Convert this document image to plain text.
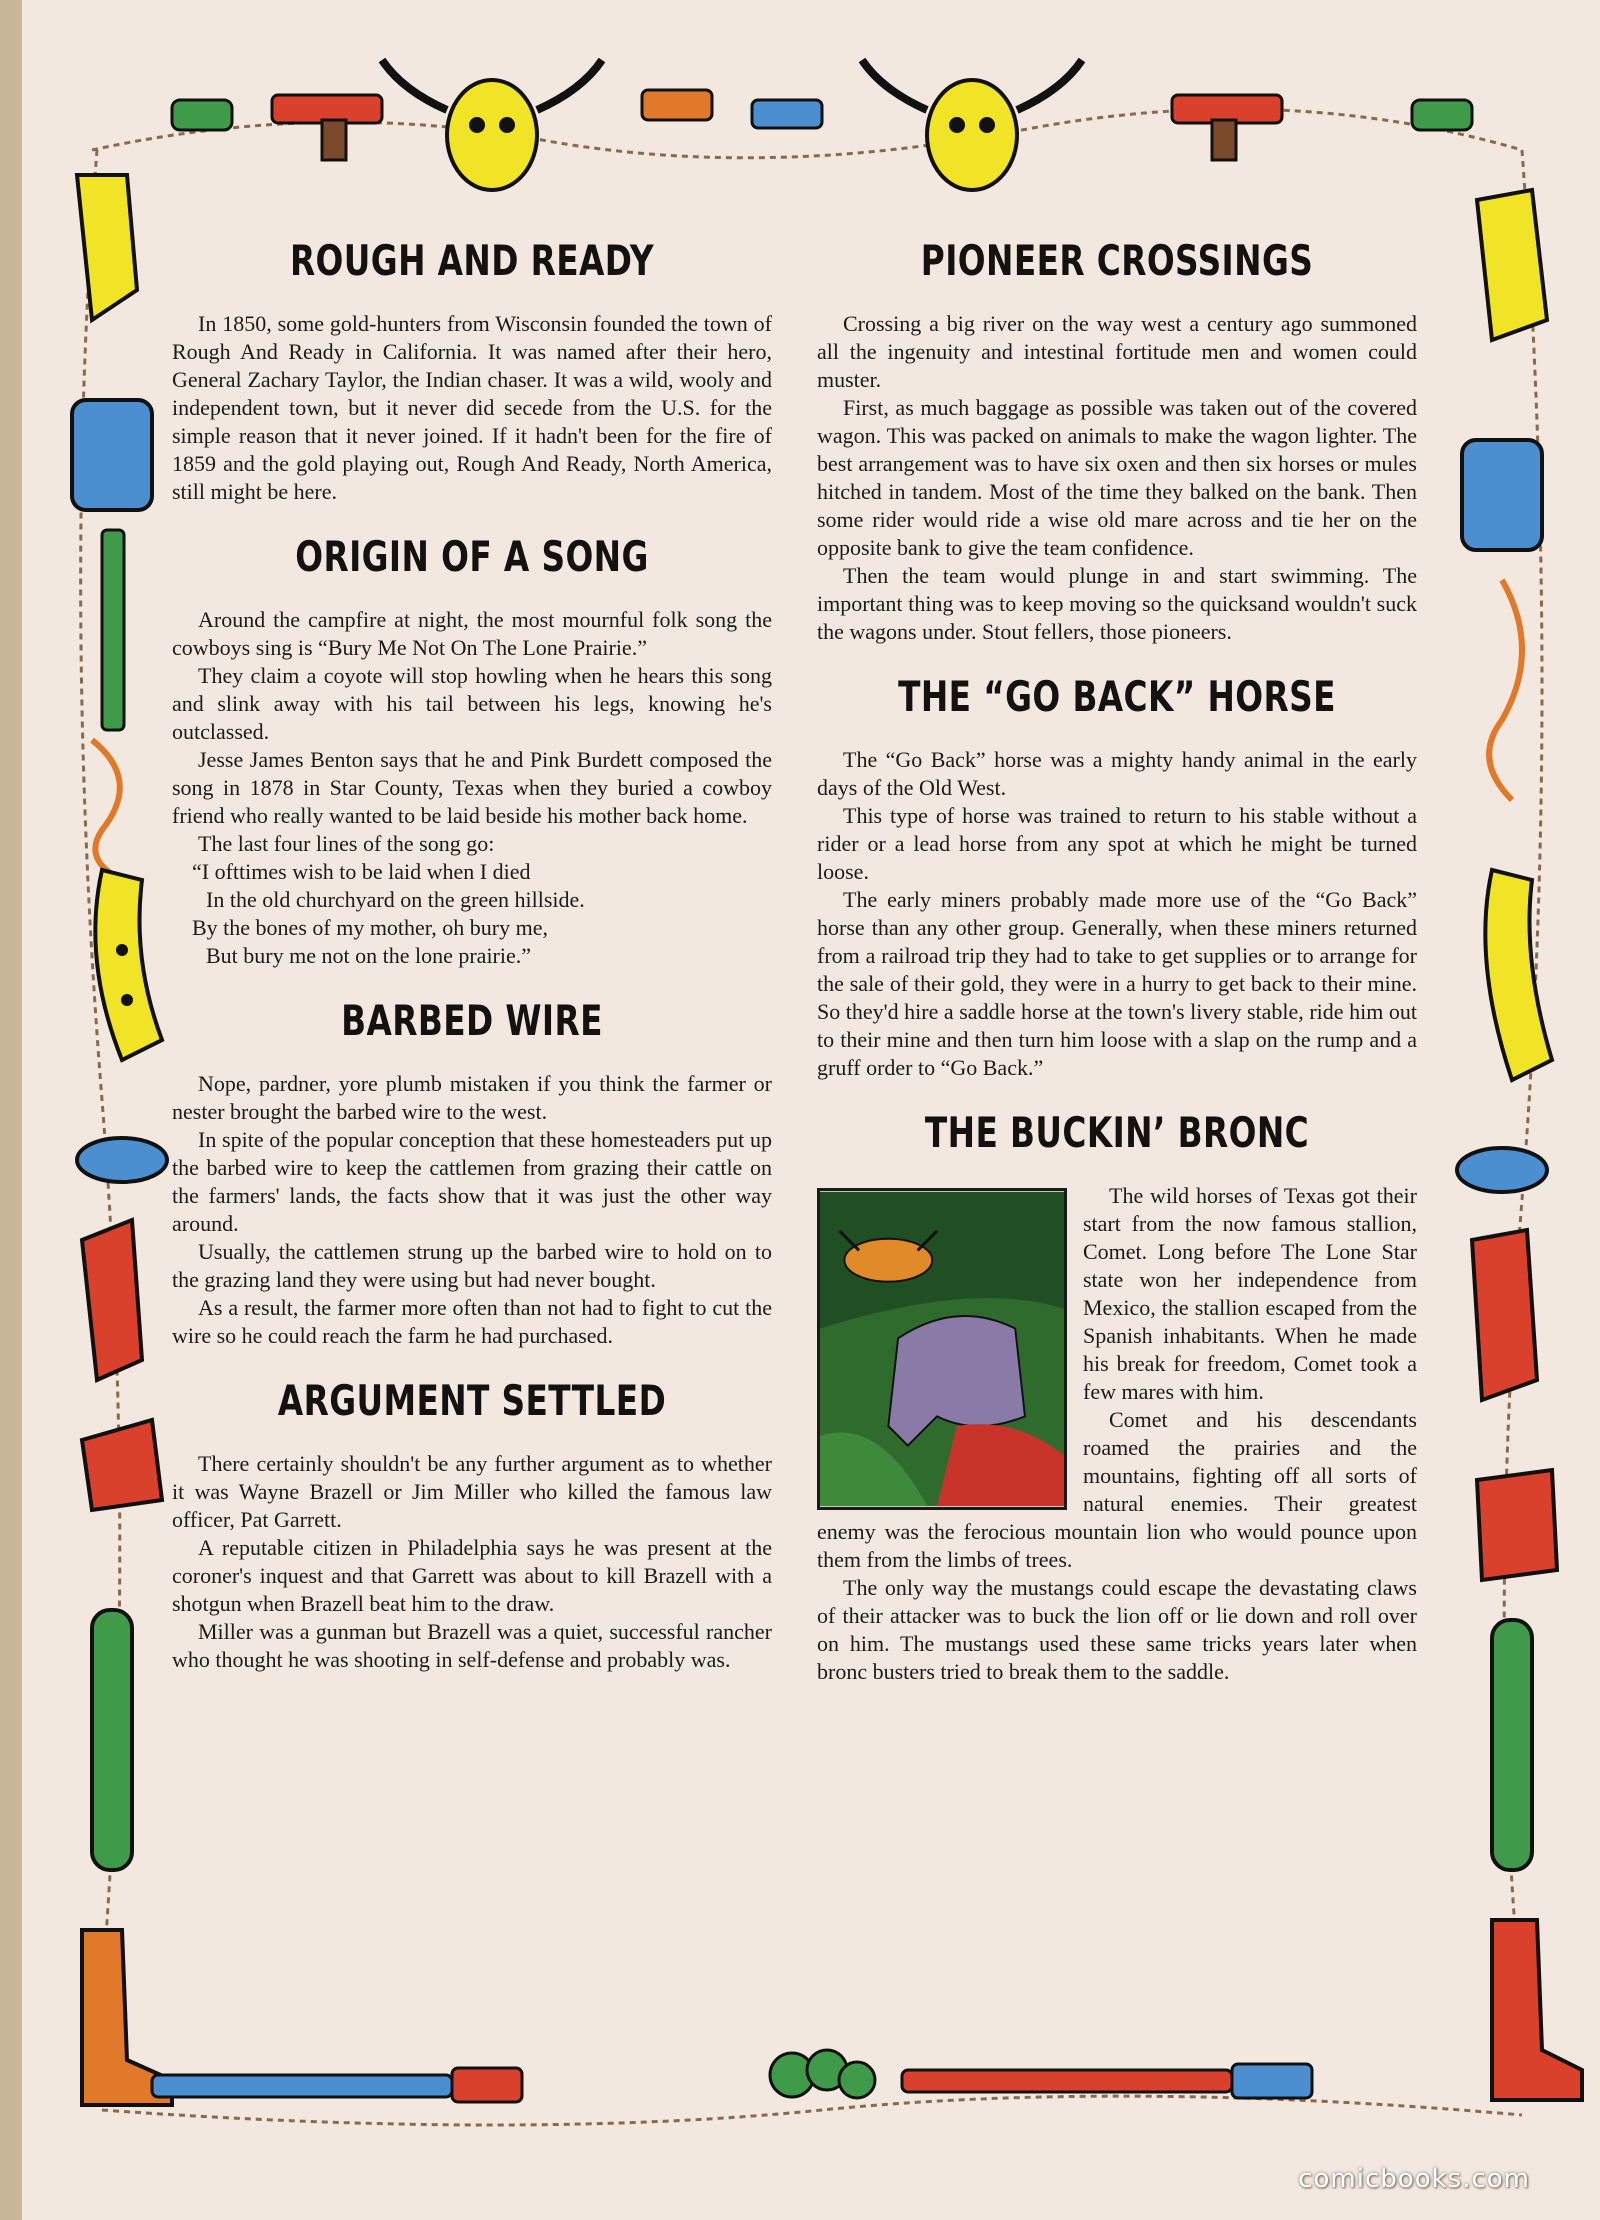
ROUGH AND READY

In 1850, some gold-hunters from Wisconsin founded the town of Rough And Ready in California. It was named after their hero, General Zachary Taylor, the Indian chaser. It was a wild, wooly and independent town, but it never did secede from the U.S. for the simple reason that it never joined. If it hadn't been for the fire of 1859 and the gold playing out, Rough And Ready, North America, still might be here.

ORIGIN OF A SONG

Around the campfire at night, the most mournful folk song the cowboys sing is “Bury Me Not On The Lone Prairie.”

They claim a coyote will stop howling when he hears this song and slink away with his tail between his legs, knowing he's outclassed.

Jesse James Benton says that he and Pink Burdett composed the song in 1878 in Star County, Texas when they buried a cowboy friend who really wanted to be laid beside his mother back home.

The last four lines of the song go:

“I ofttimes wish to be laid when I died
In the old churchyard on the green hillside.
By the bones of my mother, oh bury me,
But bury me not on the lone prairie.”
BARBED WIRE

Nope, pardner, yore plumb mistaken if you think the farmer or nester brought the barbed wire to the west.

In spite of the popular conception that these homesteaders put up the barbed wire to keep the cattlemen from grazing their cattle on the farmers' lands, the facts show that it was just the other way around.

Usually, the cattlemen strung up the barbed wire to hold on to the grazing land they were using but had never bought.

As a result, the farmer more often than not had to fight to cut the wire so he could reach the farm he had purchased.

ARGUMENT SETTLED

There certainly shouldn't be any further argument as to whether it was Wayne Brazell or Jim Miller who killed the famous law officer, Pat Garrett.

A reputable citizen in Philadelphia says he was present at the coroner's inquest and that Garrett was about to kill Brazell with a shotgun when Brazell beat him to the draw.

Miller was a gunman but Brazell was a quiet, successful rancher who thought he was shooting in self-defense and probably was.

PIONEER CROSSINGS

Crossing a big river on the way west a century ago summoned all the ingenuity and intestinal fortitude men and women could muster.

First, as much baggage as possible was taken out of the covered wagon. This was packed on animals to make the wagon lighter. The best arrangement was to have six oxen and then six horses or mules hitched in tandem. Most of the time they balked on the bank. Then some rider would ride a wise old mare across and tie her on the opposite bank to give the team confidence.

Then the team would plunge in and start swimming. The important thing was to keep moving so the quicksand wouldn't suck the wagons under. Stout fellers, those pioneers.

THE “GO BACK” HORSE

The “Go Back” horse was a mighty handy animal in the early days of the Old West.

This type of horse was trained to return to his stable without a rider or a lead horse from any spot at which he might be turned loose.

The early miners probably made more use of the “Go Back” horse than any other group. Generally, when these miners returned from a railroad trip they had to take to get supplies or to arrange for the sale of their gold, they were in a hurry to get back to their mine. So they'd hire a saddle horse at the town's livery stable, ride him out to their mine and then turn him loose with a slap on the rump and a gruff order to “Go Back.”

THE BUCKIN’ BRONC

The wild horses of Texas got their start from the now famous stallion, Comet. Long before The Lone Star state won her independence from Mexico, the stallion escaped from the Spanish inhabitants. When he made his break for freedom, Comet took a few mares with him.

Comet and his descendants roamed the prairies and the mountains, fighting off all sorts of natural enemies. Their greatest enemy was the ferocious mountain lion who would pounce upon them from the limbs of trees.

The only way the mustangs could escape the devastating claws of their attacker was to buck the lion off or lie down and roll over on him. The mustangs used these same tricks years later when bronc busters tried to break them to the saddle.

comicbooks.com
